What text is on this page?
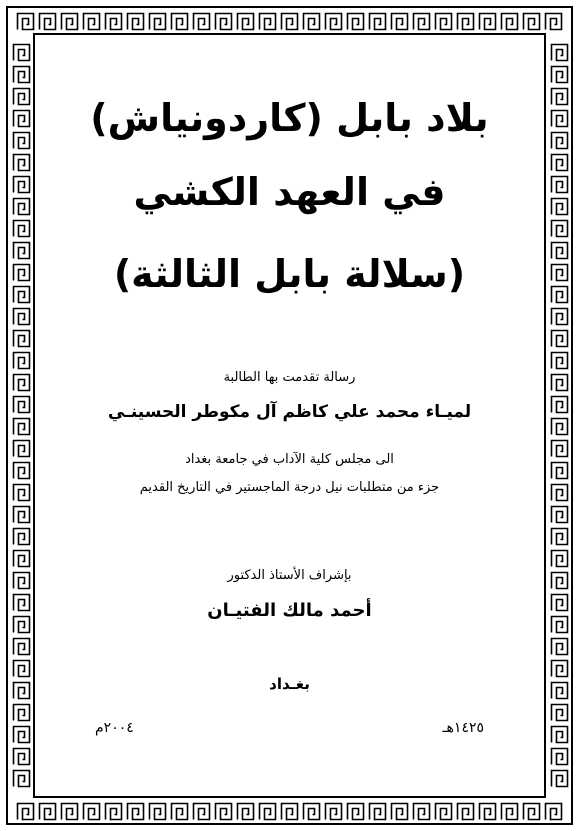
بلاد بابل (كاردونياش)
في العهد الكشي
(سلالة بابل الثالثة)
رسالة تقدمت بها الطالبة
لميـاء محمد علي كاظم آل مكوطر الحسينـي
الى مجلس كلية الآداب في جامعة بغداد
جزء من متطلبات نيل درجة الماجستير في التاريخ القديم
بإشراف الأستاذ الدكتور
أحمد مالك الفتيـان
بغـداد
١٤٢٥هـ
٢٠٠٤م
